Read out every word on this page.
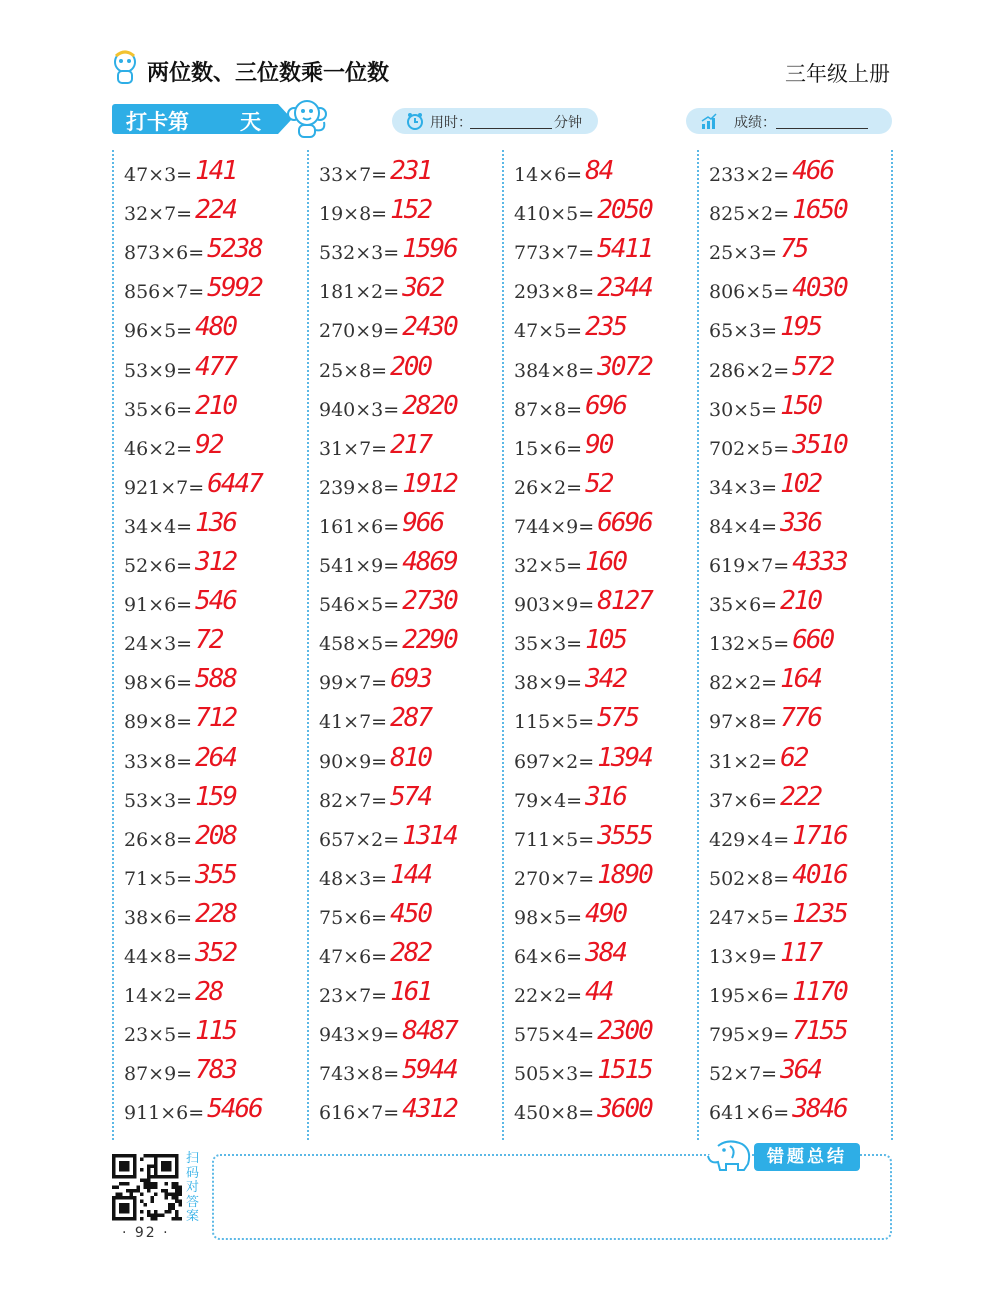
两位数、三位数乘一位数	三年级上册
打卡第 天	用时：	分钟	成绩：
47×3= 141
32×7= 224
873×6= 5238
856×7= 5992
96×5= 480
53×9= 477
35×6= 210
46×2= 92
921×7= 6447
34×4= 136
52×6= 312
91×6= 546
24×3= 72
98×6= 588
89×8= 712
33×8= 264
53×3= 159
26×8= 208
71×5= 355
38×6= 228
44×8= 352
14×2= 28
23×5= 115
87×9= 783
911×6= 5466
33×7= 231
19×8= 152
532×3= 1596
181×2= 362
270×9= 2430
25×8= 200
940×3= 2820
31×7= 217
239×8= 1912
161×6= 966
541×9= 4869
546×5= 2730
458×5= 2290
99×7= 693
41×7= 287
90×9= 810
82×7= 574
657×2= 1314
48×3= 144
75×6= 450
47×6= 282
23×7= 161
943×9= 8487
743×8= 5944
616×7= 4312
14×6= 84
410×5= 2050
773×7= 5411
293×8= 2344
47×5= 235
384×8= 3072
87×8= 696
15×6= 90
26×2= 52
744×9= 6696
32×5= 160
903×9= 8127
35×3= 105
38×9= 342
115×5= 575
697×2= 1394
79×4= 316
711×5= 3555
270×7= 1890
98×5= 490
64×6= 384
22×2= 44
575×4= 2300
505×3= 1515
450×8= 3600
233×2= 466
825×2= 1650
25×3= 75
806×5= 4030
65×3= 195
286×2= 572
30×5= 150
702×5= 3510
34×3= 102
84×4= 336
619×7= 4333
35×6= 210
132×5= 660
82×2= 164
97×8= 776
31×2= 62
37×6= 222
429×4= 1716
502×8= 4016
247×5= 1235
13×9= 117
195×6= 1170
795×9= 7155
52×7= 364
641×6= 3846
扫码对答案
· 92 ·
错题总结
